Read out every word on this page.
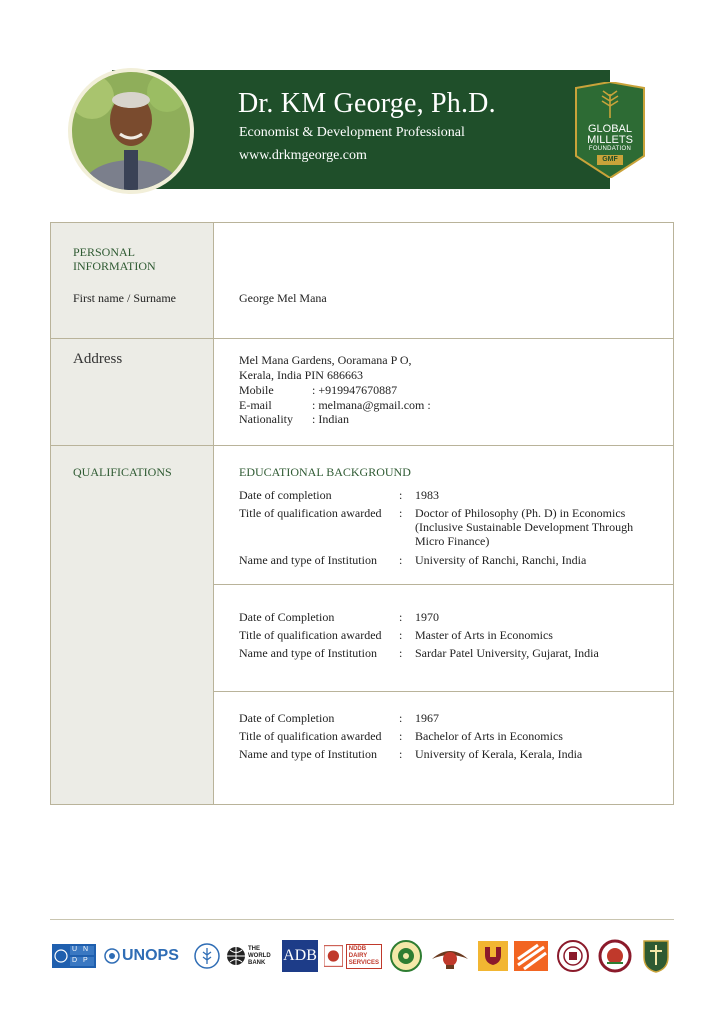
Dr. KM George, Ph.D.
Economist & Development Professional
www.drkmgeorge.com
GLOBAL
MILLETS
FOUNDATION
GMF
PERSONAL
INFORMATION
First name / Surname	George Mel Mana
Address	Mel Mana Gardens, Ooramana P O,
Kerala, India PIN 686663
Mobile	: +919947670887
E-mail	: melmana@gmail.com :
Nationality : Indian
QUALIFICATIONS	EDUCATIONAL BACKGROUND
Date of completion	: 1983
Title of qualification awarded : Doctor of Philosophy (Ph. D) in Economics
(Inclusive Sustainable Development Through
Micro Finance)
Name and type of Institution : University of Ranchi, Ranchi, India
Date of Completion	: 1970
Title of qualification awarded : Master of Arts in Economics
Name and type of Institution : Sardar Patel University, Gujarat, India
Date of Completion	: 1967
Title of qualification awarded : Bachelor of Arts in Economics
Name and type of Institution : University of Kerala, Kerala, India
U N
D P UNOPS	THE
WORLD
BANK	ADB	NDDB
DAIRY
SERVICES
